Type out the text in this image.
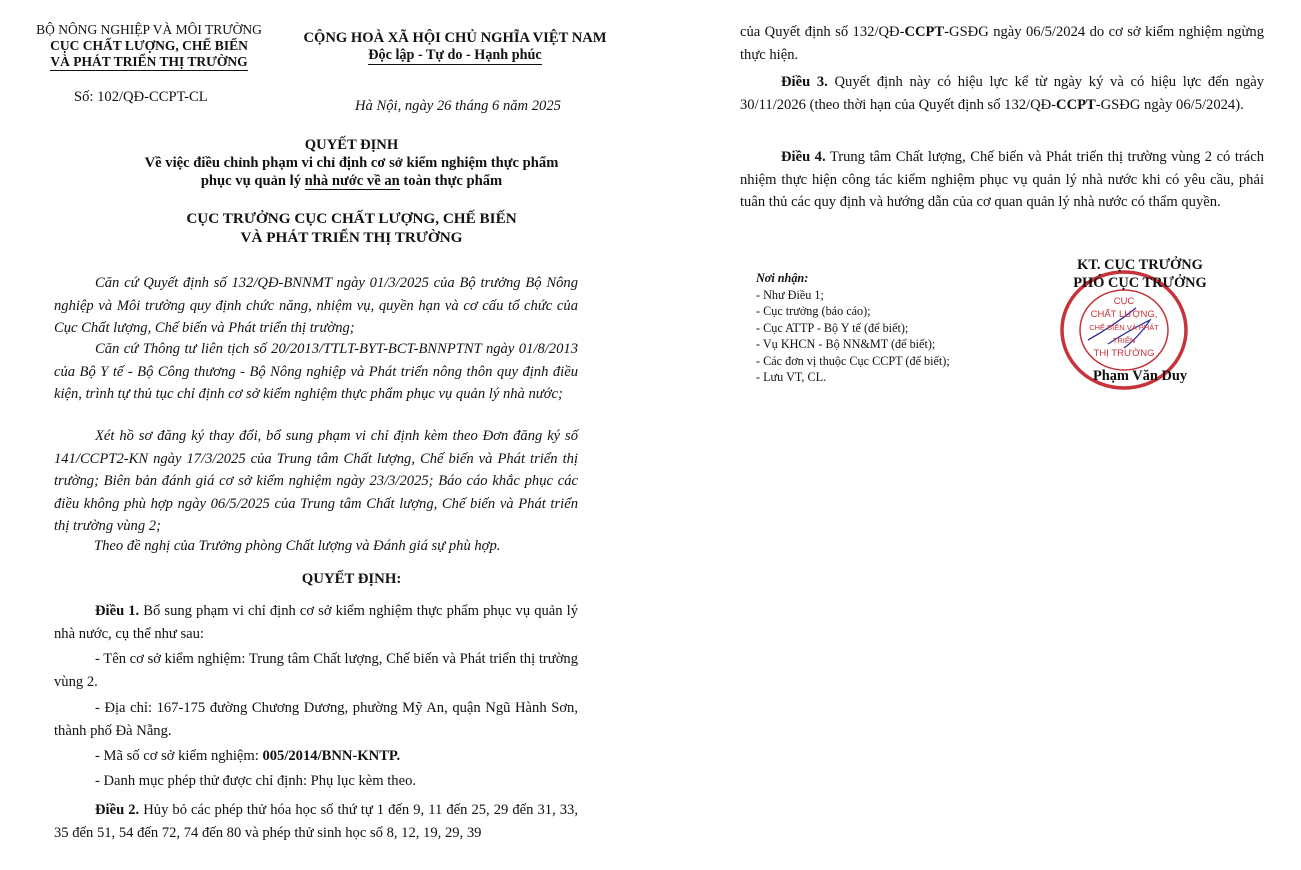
BỘ NÔNG NGHIỆP VÀ MÔI TRƯỜNG
CỤC CHẤT LƯỢNG, CHẾ BIẾN
VÀ PHÁT TRIỂN THỊ TRƯỜNG
Số: 102/QĐ-CCPT-CL
CỘNG HOÀ XÃ HỘI CHỦ NGHĨA VIỆT NAM
Độc lập - Tự do - Hạnh phúc
Hà Nội, ngày 26 tháng 6 năm 2025
QUYẾT ĐỊNH
Về việc điều chỉnh phạm vi chỉ định cơ sở kiểm nghiệm thực phẩm
phục vụ quản lý nhà nước về an toàn thực phẩm
CỤC TRƯỞNG CỤC CHẤT LƯỢNG, CHẾ BIẾN
VÀ PHÁT TRIỂN THỊ TRƯỜNG
Căn cứ Quyết định số 132/QĐ-BNNMT ngày 01/3/2025 của Bộ trưởng Bộ Nông nghiệp và Môi trường quy định chức năng, nhiệm vụ, quyền hạn và cơ cấu tổ chức của Cục Chất lượng, Chế biến và Phát triển thị trường;
Căn cứ Thông tư liên tịch số 20/2013/TTLT-BYT-BCT-BNNPTNT ngày 01/8/2013 của Bộ Y tế - Bộ Công thương - Bộ Nông nghiệp và Phát triển nông thôn quy định điều kiện, trình tự thủ tục chỉ định cơ sở kiểm nghiệm thực phẩm phục vụ quản lý nhà nước;
Xét hồ sơ đăng ký thay đổi, bổ sung phạm vi chỉ định kèm theo Đơn đăng ký số 141/CCPT2-KN ngày 17/3/2025 của Trung tâm Chất lượng, Chế biến và Phát triển thị trường; Biên bản đánh giá cơ sở kiểm nghiệm ngày 23/3/2025; Báo cáo khắc phục các điều không phù hợp ngày 06/5/2025 của Trung tâm Chất lượng, Chế biến và Phát triển thị trường vùng 2;
Theo đề nghị của Trưởng phòng Chất lượng và Đánh giá sự phù hợp.
QUYẾT ĐỊNH:
Điều 1. Bổ sung phạm vi chỉ định cơ sở kiểm nghiệm thực phẩm phục vụ quản lý nhà nước, cụ thể như sau:
- Tên cơ sở kiểm nghiệm: Trung tâm Chất lượng, Chế biến và Phát triển thị trường vùng 2.
- Địa chỉ: 167-175 đường Chương Dương, phường Mỹ An, quận Ngũ Hành Sơn, thành phố Đà Nẵng.
- Mã số cơ sở kiểm nghiệm: 005/2014/BNN-KNTP.
- Danh mục phép thử được chỉ định: Phụ lục kèm theo.
Điều 2. Hủy bỏ các phép thử hóa học số thứ tự 1 đến 9, 11 đến 25, 29 đến 31, 33, 35 đến 51, 54 đến 72, 74 đến 80 và phép thử sinh học số 8, 12, 19, 29, 39
của Quyết định số 132/QĐ-CCPT-GSĐG ngày 06/5/2024 do cơ sở kiểm nghiệm ngừng thực hiện.
Điều 3. Quyết định này có hiệu lực kể từ ngày ký và có hiệu lực đến ngày 30/11/2026 (theo thời hạn của Quyết định số 132/QĐ-CCPT-GSĐG ngày 06/5/2024).
Điều 4. Trung tâm Chất lượng, Chế biến và Phát triển thị trường vùng 2 có trách nhiệm thực hiện công tác kiểm nghiệm phục vụ quản lý nhà nước khi có yêu cầu, phải tuân thủ các quy định và hướng dẫn của cơ quan quản lý nhà nước có thẩm quyền.
Nơi nhận:
- Như Điều 1;
- Cục trưởng (báo cáo);
- Cục ATTP - Bộ Y tế (để biết);
- Vụ KHCN - Bộ NN&MT (để biết);
- Các đơn vị thuộc Cục CCPT (để biết);
- Lưu VT, CL.
CỤC
CHẤT LƯỢNG,
CHẾ BIẾN VÀ PHÁT TRIỂN
THỊ TRƯỜNG
KT. CỤC TRƯỞNG
PHÓ CỤC TRƯỞNG
Phạm Văn Duy
